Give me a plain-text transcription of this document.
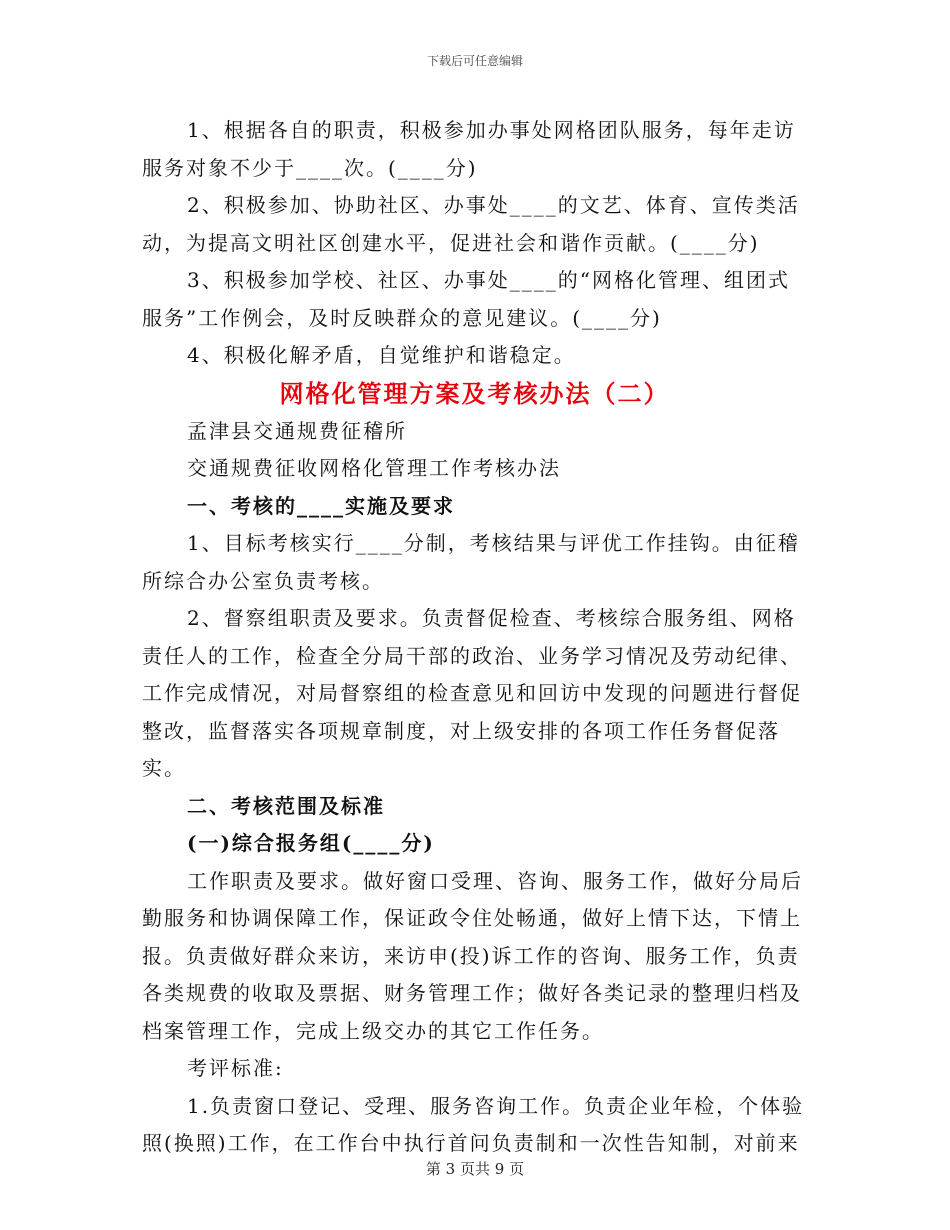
下载后可任意编辑

1、根据各自的职责，积极参加办事处网格团队服务，每年走访服务对象不少于____次。(____分)

2、积极参加、协助社区、办事处____的文艺、体育、宣传类活动，为提高文明社区创建水平，促进社会和谐作贡献。(____分)

3、积极参加学校、社区、办事处____的“网格化管理、组团式服务”工作例会，及时反映群众的意见建议。(____分)

4、积极化解矛盾，自觉维护和谐稳定。

网格化管理方案及考核办法（二）

孟津县交通规费征稽所

交通规费征收网格化管理工作考核办法

一、考核的____实施及要求

1、目标考核实行____分制，考核结果与评优工作挂钩。由征稽所综合办公室负责考核。

2、督察组职责及要求。负责督促检查、考核综合服务组、网格责任人的工作，检查全分局干部的政治、业务学习情况及劳动纪律、工作完成情况，对局督察组的检查意见和回访中发现的问题进行督促整改，监督落实各项规章制度，对上级安排的各项工作任务督促落实。

二、考核范围及标准

(一)综合报务组(____分)

工作职责及要求。做好窗口受理、咨询、服务工作，做好分局后勤服务和协调保障工作，保证政令住处畅通，做好上情下达，下情上报。负责做好群众来访，来访申(投)诉工作的咨询、服务工作，负责各类规费的收取及票据、财务管理工作；做好各类记录的整理归档及档案管理工作，完成上级交办的其它工作任务。

考评标准:

1.负责窗口登记、受理、服务咨询工作。负责企业年检，个体验照(换照)工作，在工作台中执行首问负责制和一次性告知制，对前来

第 3 页共 9 页
